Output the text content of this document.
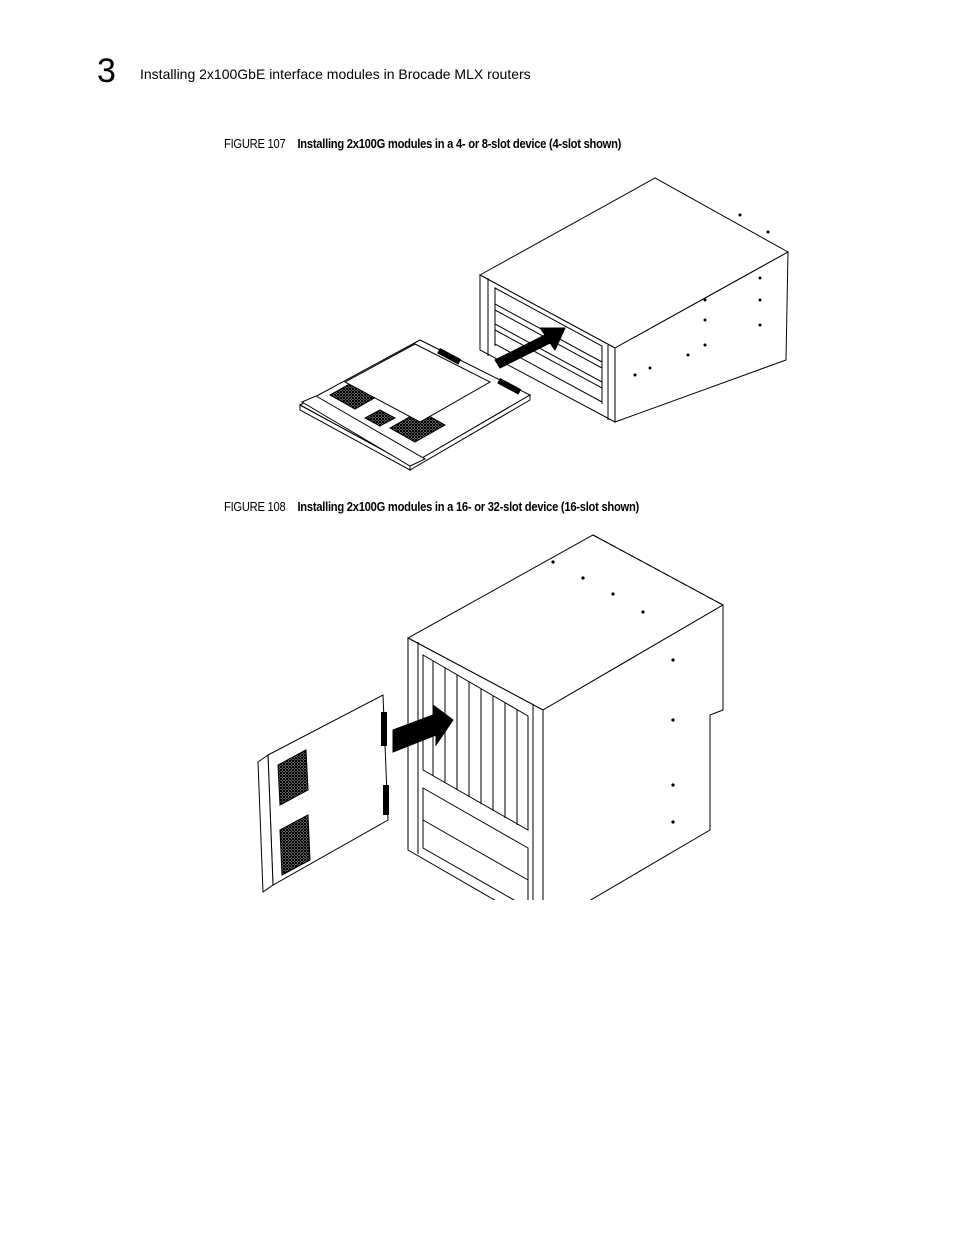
3 Installing 2x100GbE interface modules in Brocade MLX routers
FIGURE 107 Installing 2x100G modules in a 4- or 8-slot device (4-slot shown)
FIGURE 108 Installing 2x100G modules in a 16- or 32-slot device (16-slot shown)
